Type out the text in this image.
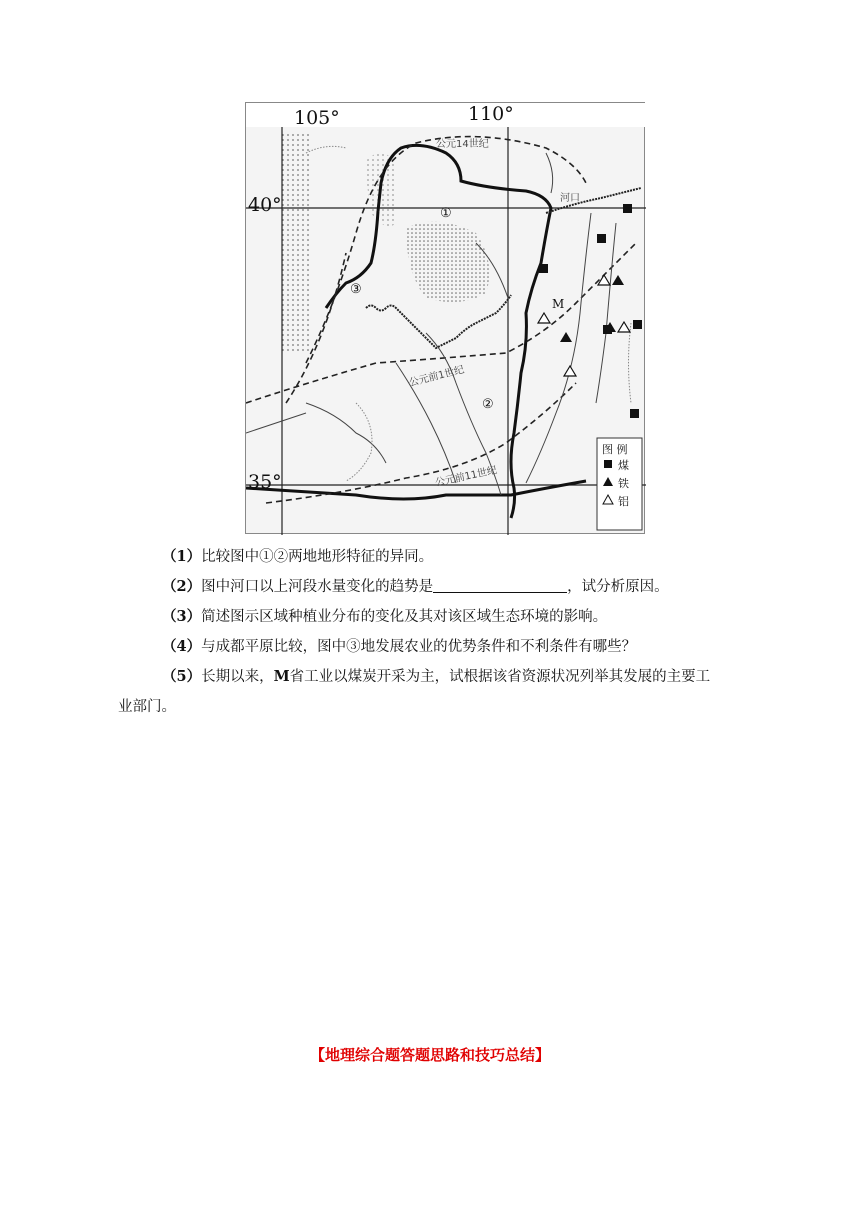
105°	110°
40°
35°
①
②
③
M
公元14世纪
河口
公元前1世纪
公元前11世纪
图 例
煤
铁
铝
（1）比较图中①②两地地形特征的异同。
（2）图中河口以上河段水量变化的趋势是	，试分析原因。
（3）简述图示区域种植业分布的变化及其对该区域生态环境的影响。
（4）与成都平原比较，图中③地发展农业的优势条件和不利条件有哪些？
（5）长期以来，M省工业以煤炭开采为主，试根据该省资源状况列举其发展的主要工
业部门。
【地理综合题答题思路和技巧总结】
